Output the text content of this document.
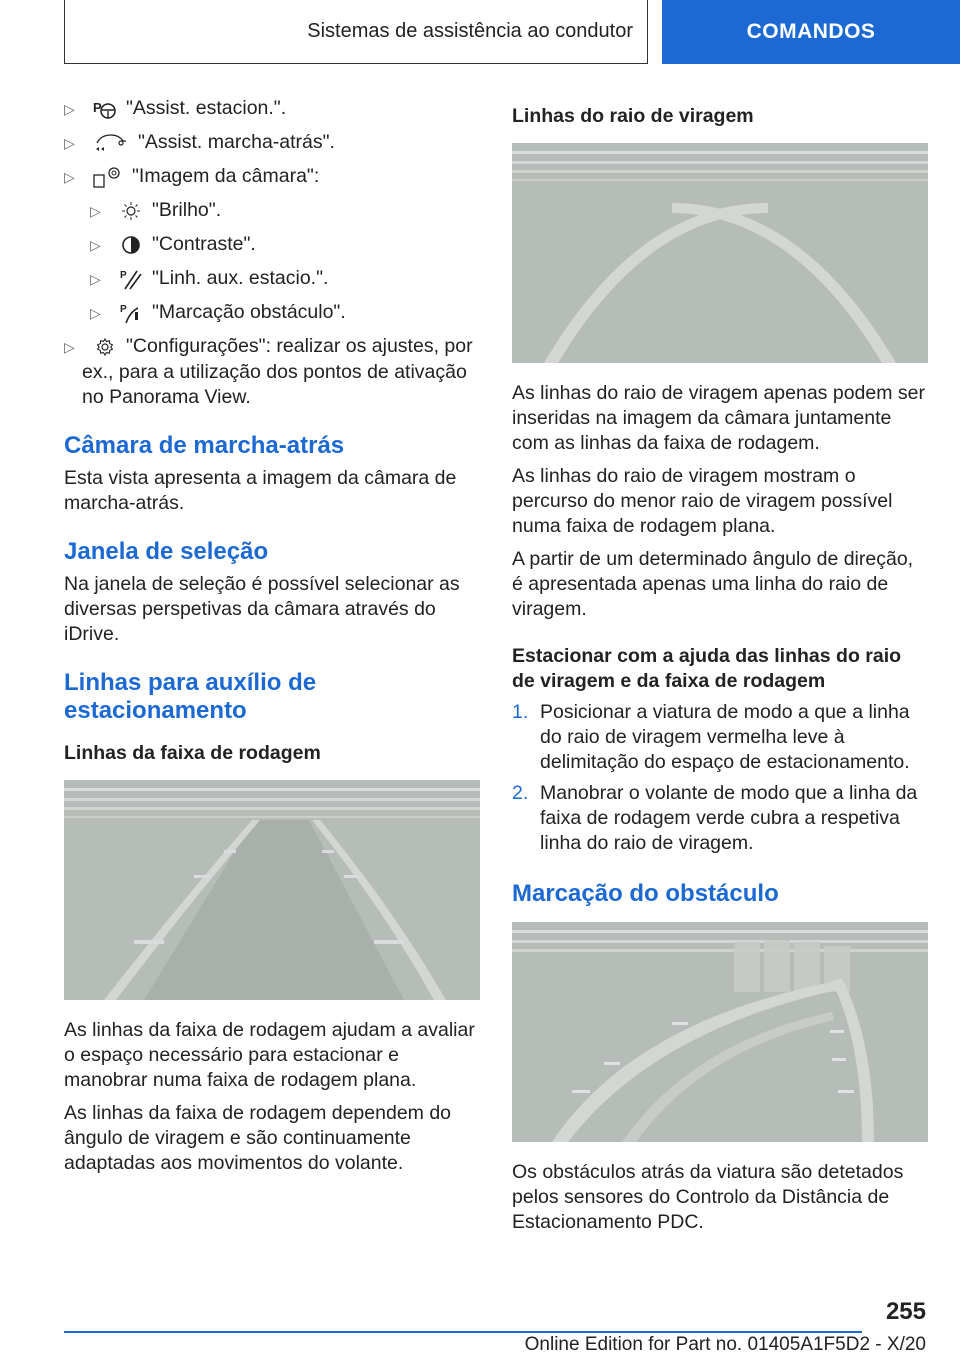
Sistemas de assistência ao condutor	COMANDOS
▷	P "Assist. estacion.".
▷	"Assist. marcha-atrás".
▷	"Imagem da câmara":
▷	"Brilho".
▷	"Contraste".
▷	P "Linh. aux. estacio.".
▷	P "Marcação obstáculo".
▷	"Configurações": realizar os ajustes, por ex., para a utilização dos pontos de ativação no Panorama View.
Câmara de marcha-atrás

Esta vista apresenta a imagem da câmara de marcha-atrás.

Janela de seleção

Na janela de seleção é possível selecionar as diversas perspetivas da câmara através do iDrive.

Linhas para auxílio de estacionamento
Linhas da faixa de rodagem

As linhas da faixa de rodagem ajudam a avaliar o espaço necessário para estacionar e manobrar numa faixa de rodagem plana.

As linhas da faixa de rodagem dependem do ângulo de viragem e são continuamente adaptadas aos movimentos do volante.

Linhas do raio de viragem

As linhas do raio de viragem apenas podem ser inseridas na imagem da câmara juntamente com as linhas da faixa de rodagem.

As linhas do raio de viragem mostram o percurso do menor raio de viragem possível numa faixa de rodagem plana.

A partir de um determinado ângulo de direção, é apresentada apenas uma linha do raio de viragem.

Estacionar com a ajuda das linhas do raio de viragem e da faixa de rodagem
1. Posicionar a viatura de modo a que a linha do raio de viragem vermelha leve à delimitação do espaço de estacionamento.
2. Manobrar o volante de modo que a linha da faixa de rodagem verde cubra a respetiva linha do raio de viragem.
Marcação do obstáculo

Os obstáculos atrás da viatura são detetados pelos sensores do Controlo da Distância de Estacionamento PDC.

255
Online Edition for Part no. 01405A1F5D2 - X/20
